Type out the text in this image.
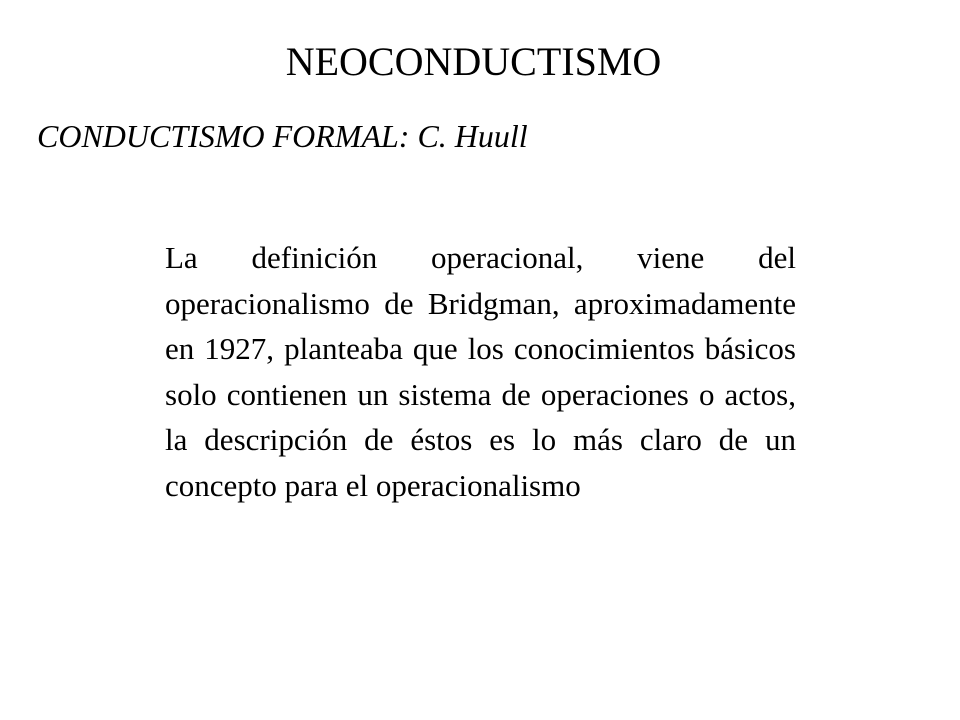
NEOCONDUCTISMO
CONDUCTISMO FORMAL: C. Huull

La definición operacional, viene del operacionalismo de Bridgman, aproximadamente en 1927, planteaba que los conocimientos básicos solo contienen un sistema de operaciones o actos, la descripción de éstos es lo más claro de un concepto para el operacionalismo
